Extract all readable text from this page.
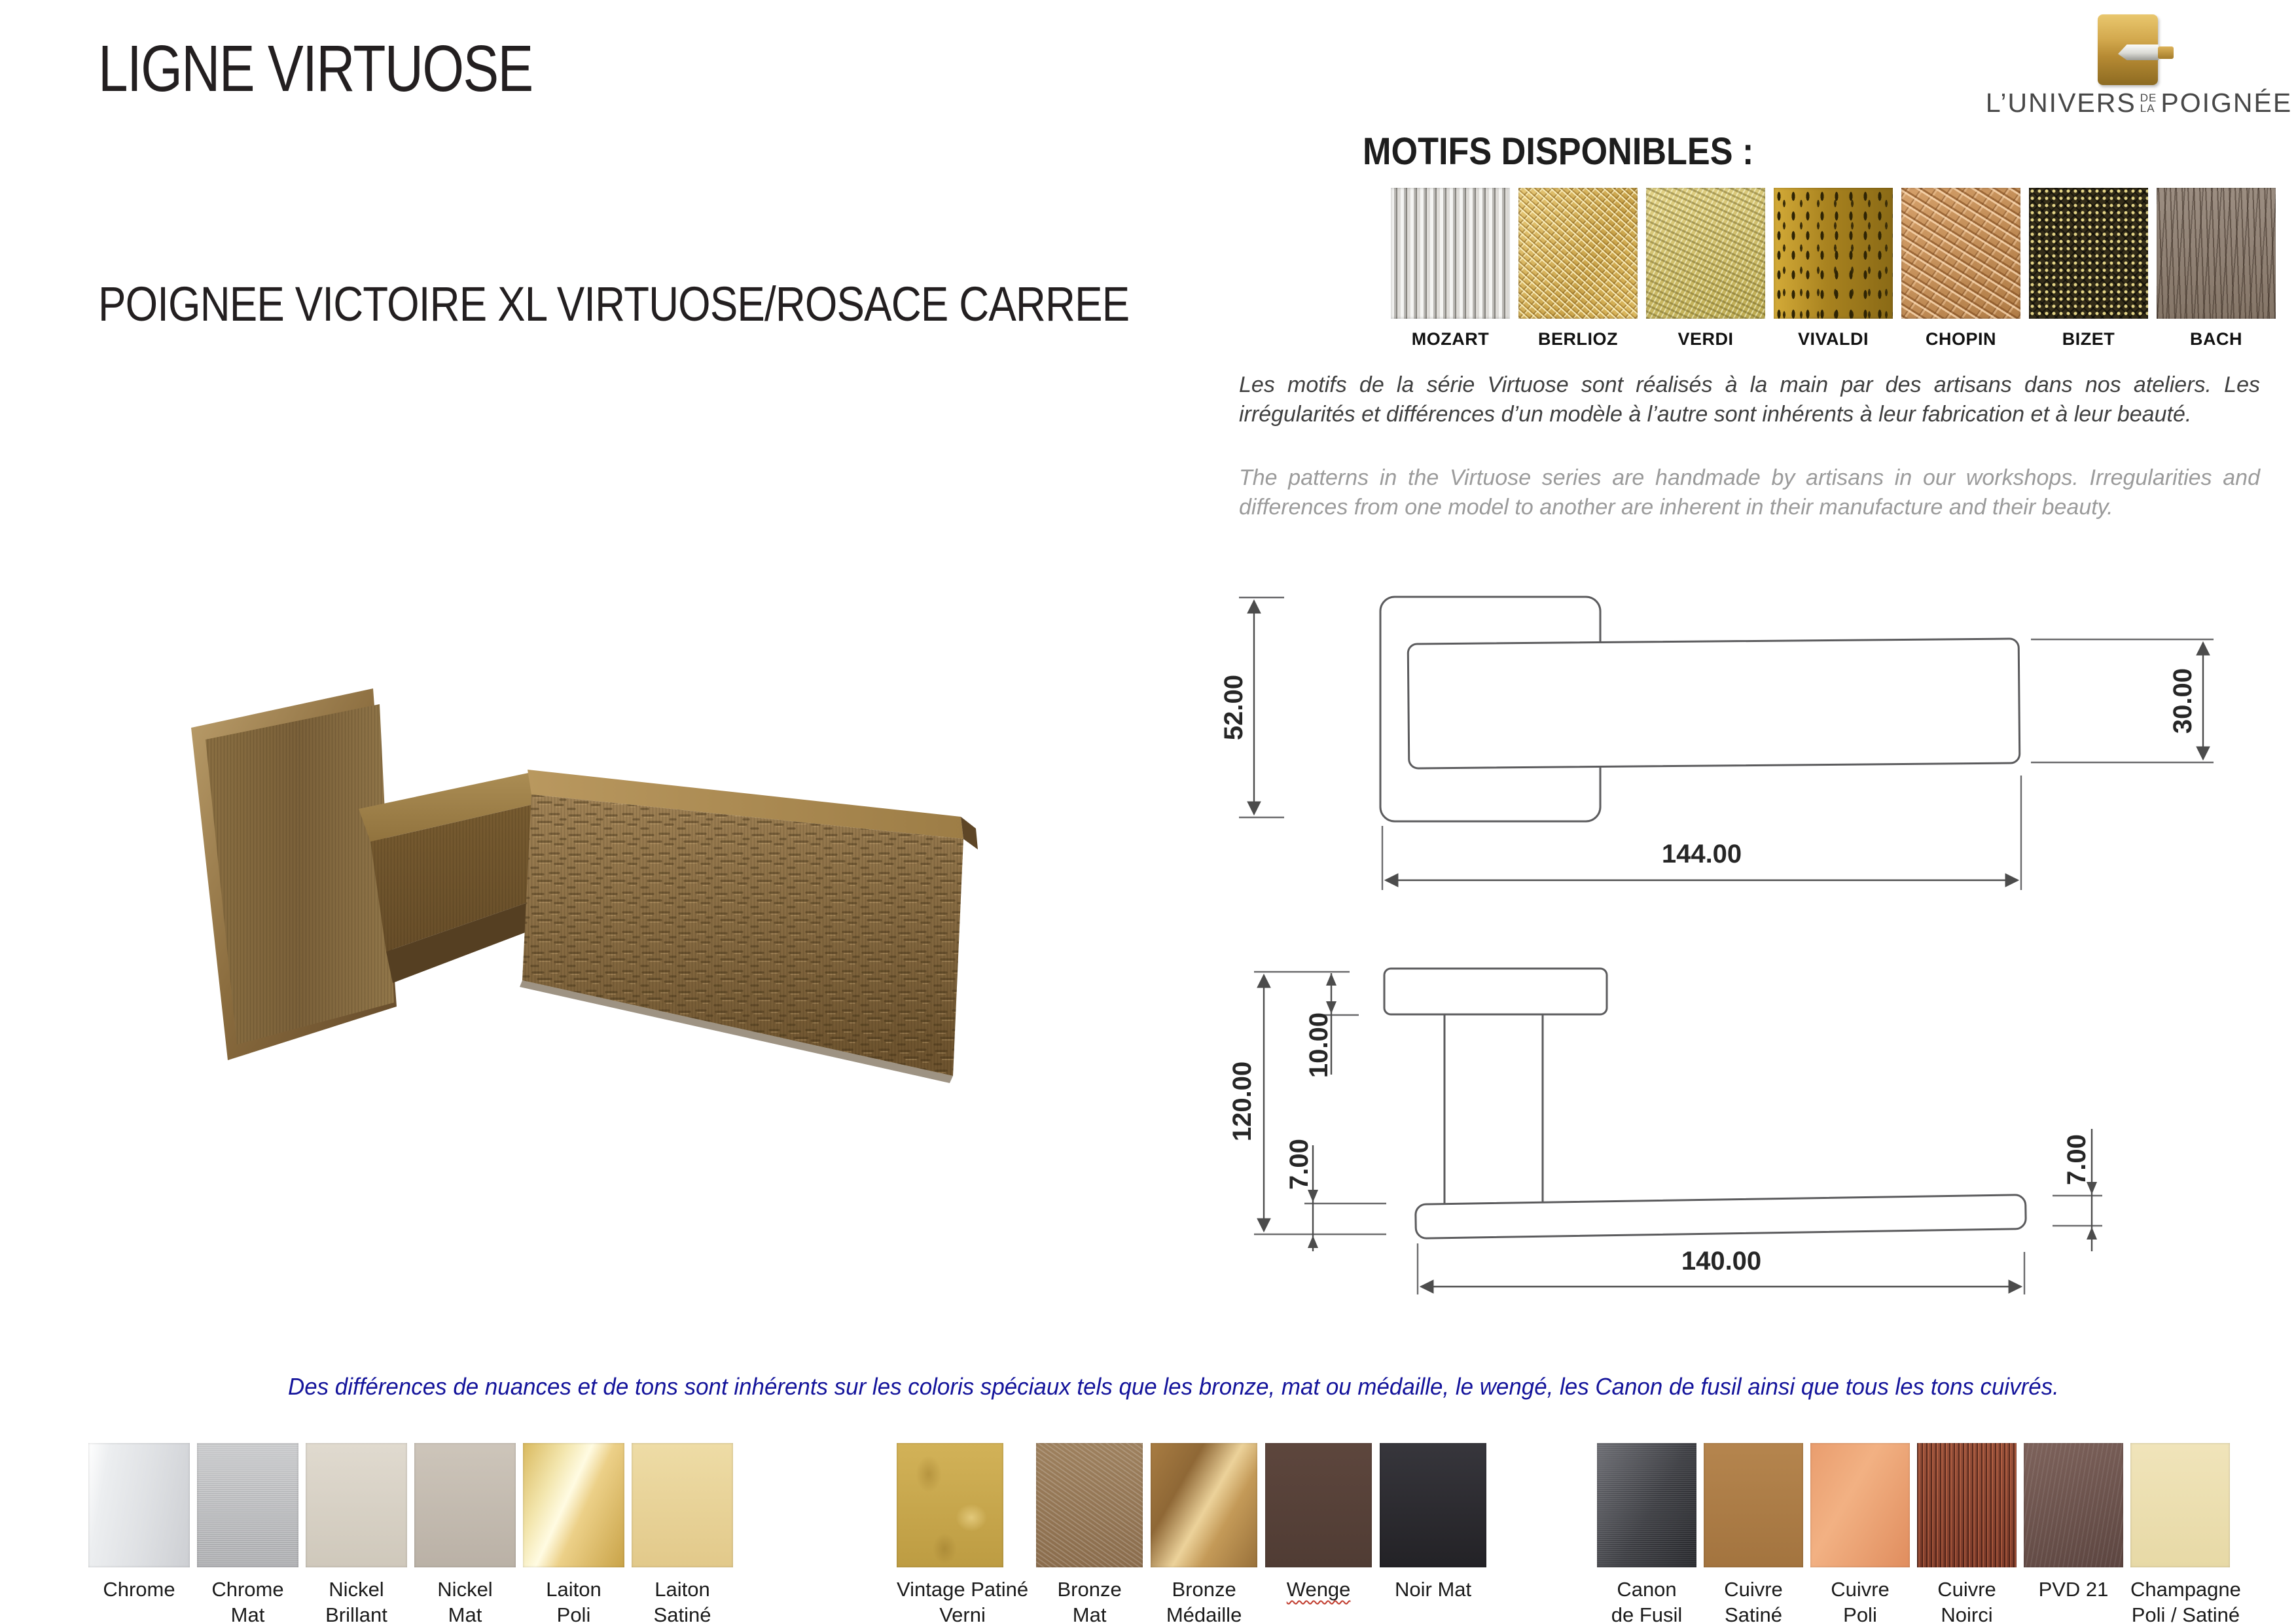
LIGNE VIRTUOSE
POIGNEE VICTOIRE XL VIRTUOSE/ROSACE CARREE
L’UNIVERS DE
LA POIGNÉE
MOTIFS DISPONIBLES :
MOZART	BERLIOZ	VERDI	VIVALDI	CHOPIN	BIZET	BACH
Les motifs de la série Virtuose sont réalisés à la main par des artisans dans nos ateliers. Les irrégularités et différences d’un modèle à l’autre sont inhérents à leur fabrication et à leur beauté.
The patterns in the Virtuose series are handmade by artisans in our workshops. Irregularities and differences from one model to another are inherent in their manufacture and their beauty.
52.00	30.00
144.00
120.00
10.00
7.00	7.00
140.00
Des différences de nuances et de tons sont inhérents sur les coloris spéciaux tels que les bronze, mat ou médaille, le wengé, les Canon de fusil ainsi que tous les tons cuivrés.
Chrome	Chrome
Mat
Nickel
Brillant
Nickel
Mat
Laiton
Poli
Laiton
Satiné
Vintage Patiné
Verni
Bronze
Mat
Bronze
Médaille
Wenge	Noir Mat	Canon
de Fusil
Cuivre
Satiné
Cuivre
Poli
Cuivre
Noirci
PVD 21	Champagne
Poli / Satiné
